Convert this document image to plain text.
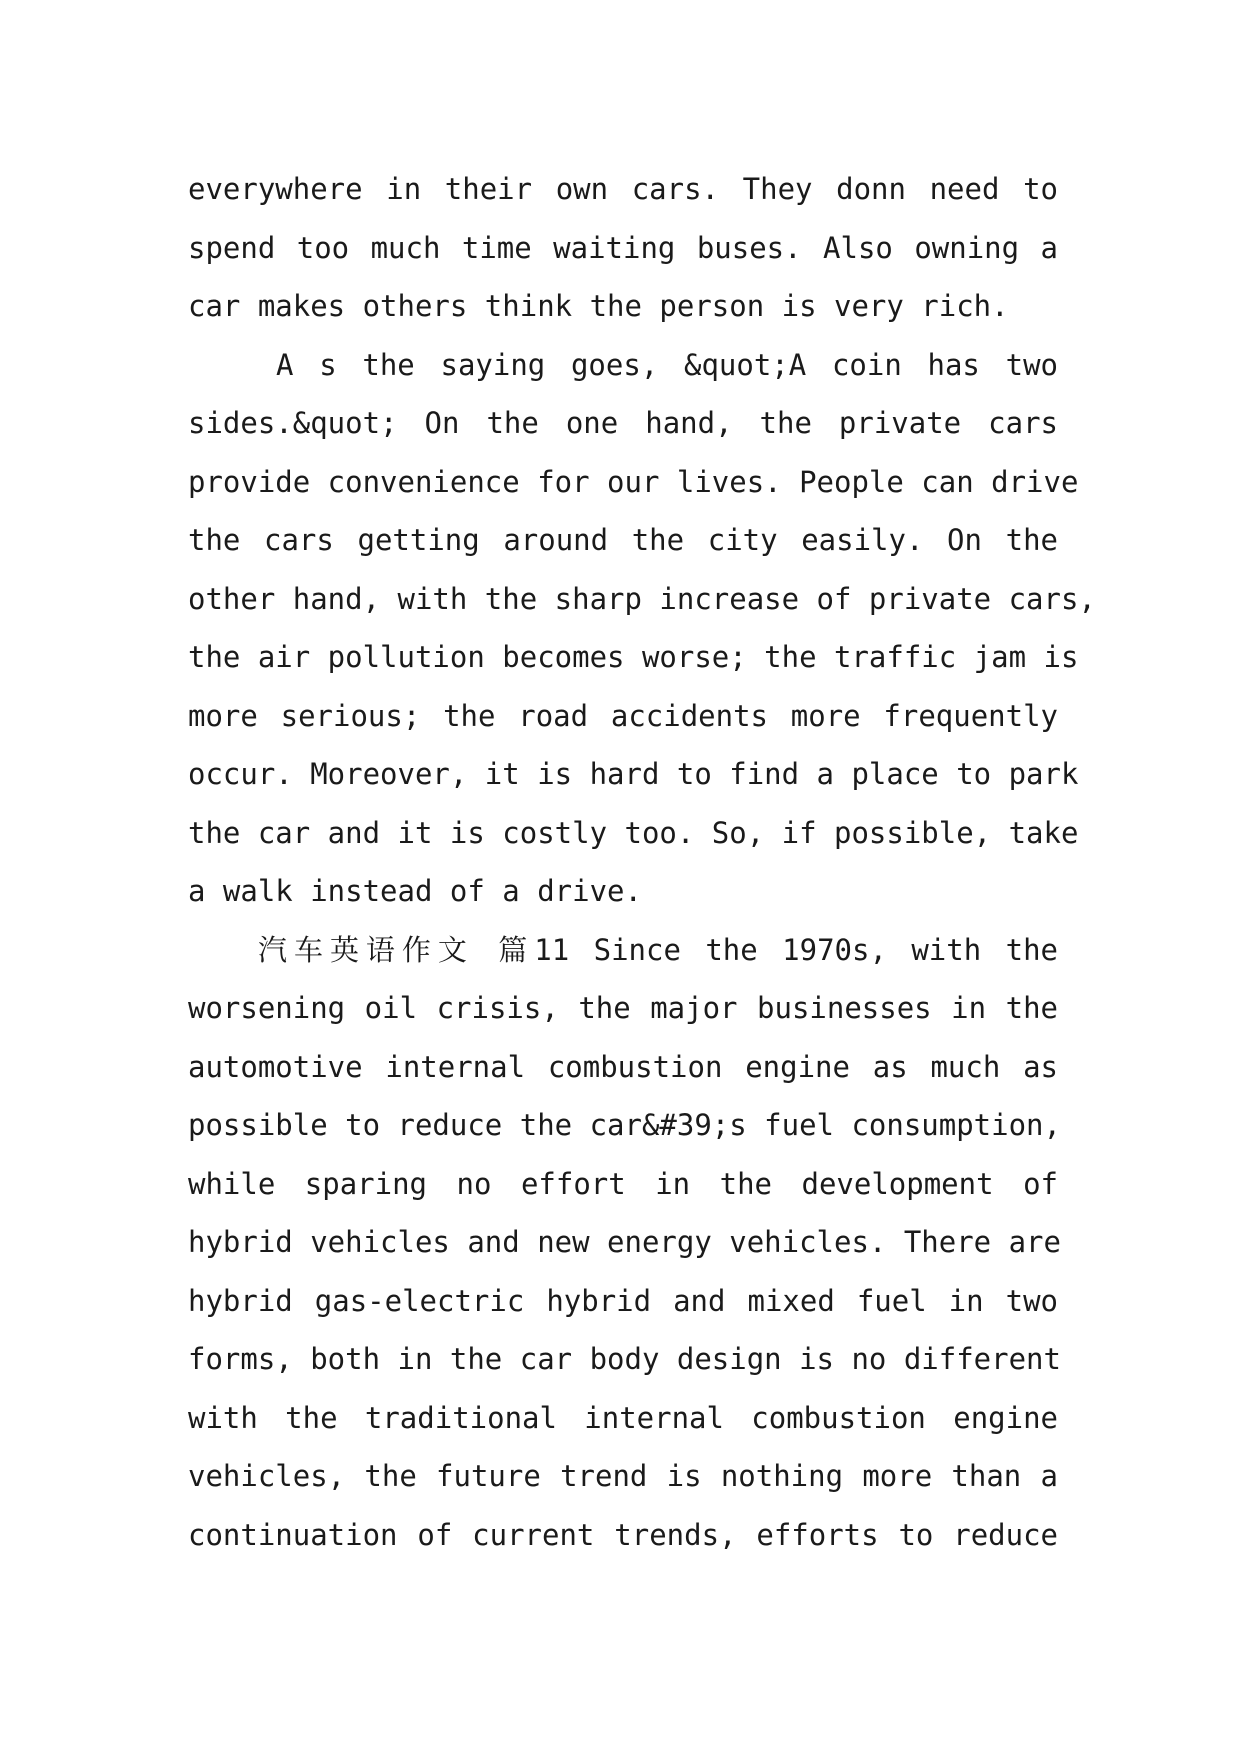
everywhere in their own cars. They donn need to
spend too much time waiting buses. Also owning a
car makes others think the person is very rich.
A s the saying goes, &quot;A coin has two
sides.&quot; On the one hand, the private cars
provide convenience for our lives. People can drive
the cars getting around the city easily. On the
other hand, with the sharp increase of private cars,
the air pollution becomes worse; the traffic jam is
more serious; the road accidents more frequently
occur. Moreover, it is hard to find a place to park
the car and it is costly too. So, if possible, take
a walk instead of a drive.
汽车英语作文 篇11 Since the 1970s, with the
worsening oil crisis, the major businesses in the
automotive internal combustion engine as much as
possible to reduce the car&#39;s fuel consumption,
while sparing no effort in the development of
hybrid vehicles and new energy vehicles. There are
hybrid gas-electric hybrid and mixed fuel in two
forms, both in the car body design is no different
with the traditional internal combustion engine
vehicles, the future trend is nothing more than a
continuation of current trends, efforts to reduce
